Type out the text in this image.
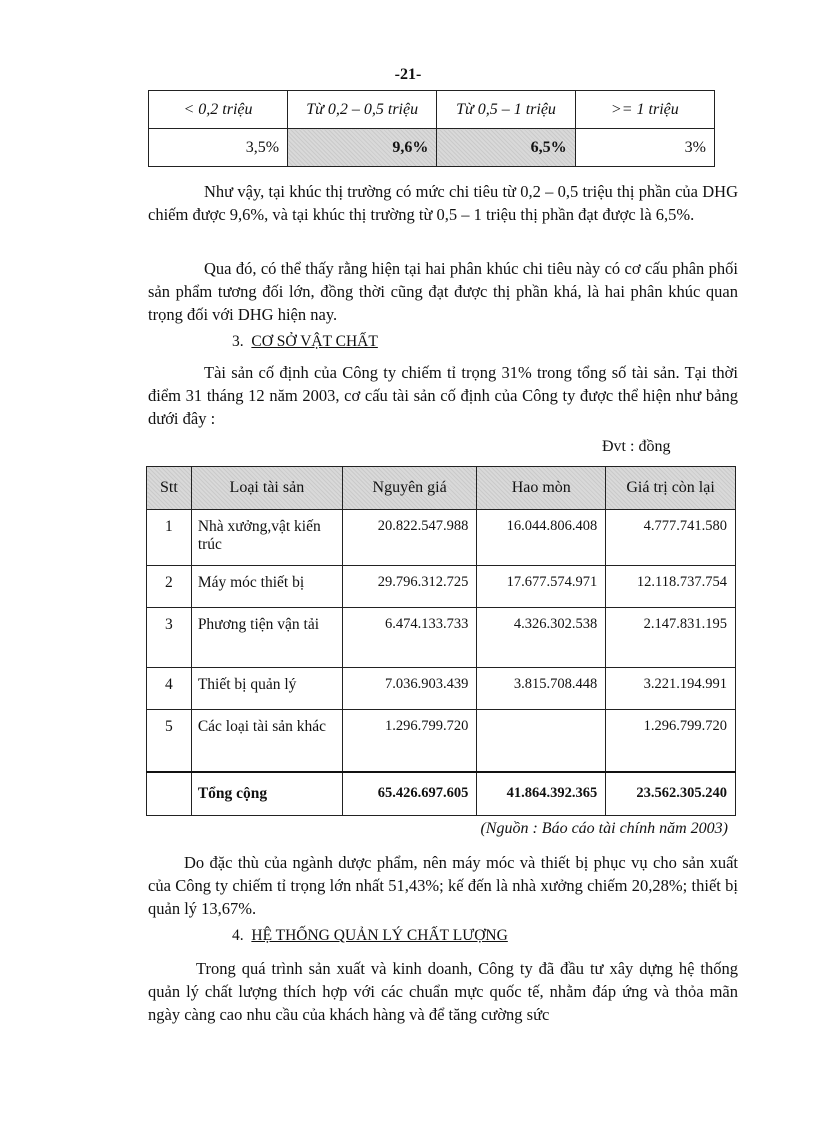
-21-
< 0,2 triệu	Từ 0,2 – 0,5 triệu	Từ 0,5 – 1 triệu	>= 1 triệu
3,5%	9,6%	6,5%	3%

Như vậy, tại khúc thị trường có mức chi tiêu từ 0,2 – 0,5 triệu thị phần của DHG chiếm được 9,6%, và tại khúc thị trường từ 0,5 – 1 triệu thị phần đạt được là 6,5%.

Qua đó, có thể thấy rằng hiện tại hai phân khúc chi tiêu này có cơ cấu phân phối sản phẩm tương đối lớn, đồng thời cũng đạt được thị phần khá, là hai phân khúc quan trọng đối với DHG hiện nay.

3. CƠ SỞ VẬT CHẤT

Tài sản cố định của Công ty chiếm tỉ trọng 31% trong tổng số tài sản. Tại thời điểm 31 tháng 12 năm 2003, cơ cấu tài sản cố định của Công ty được thể hiện như bảng dưới đây :

Đvt : đồng
Stt	Loại tài sản	Nguyên giá	Hao mòn	Giá trị còn lại
1	Nhà xưởng,vật kiến trúc	20.822.547.988	16.044.806.408	4.777.741.580
2	Máy móc thiết bị	29.796.312.725	17.677.574.971	12.118.737.754
3	Phương tiện vận tải	6.474.133.733	4.326.302.538	2.147.831.195
4	Thiết bị quản lý	7.036.903.439	3.815.708.448	3.221.194.991
5	Các loại tài sản khác	1.296.799.720		1.296.799.720
	Tổng cộng	65.426.697.605	41.864.392.365	23.562.305.240
(Nguồn : Báo cáo tài chính năm 2003)

Do đặc thù của ngành dược phẩm, nên máy móc và thiết bị phục vụ cho sản xuất của Công ty chiếm tỉ trọng lớn nhất 51,43%; kế đến là nhà xưởng chiếm 20,28%; thiết bị quản lý 13,67%.

4. HỆ THỐNG QUẢN LÝ CHẤT LƯỢNG

Trong quá trình sản xuất và kinh doanh, Công ty đã đầu tư xây dựng hệ thống quản lý chất lượng thích hợp với các chuẩn mực quốc tế, nhằm đáp ứng và thỏa mãn ngày càng cao nhu cầu của khách hàng và để tăng cường sức
